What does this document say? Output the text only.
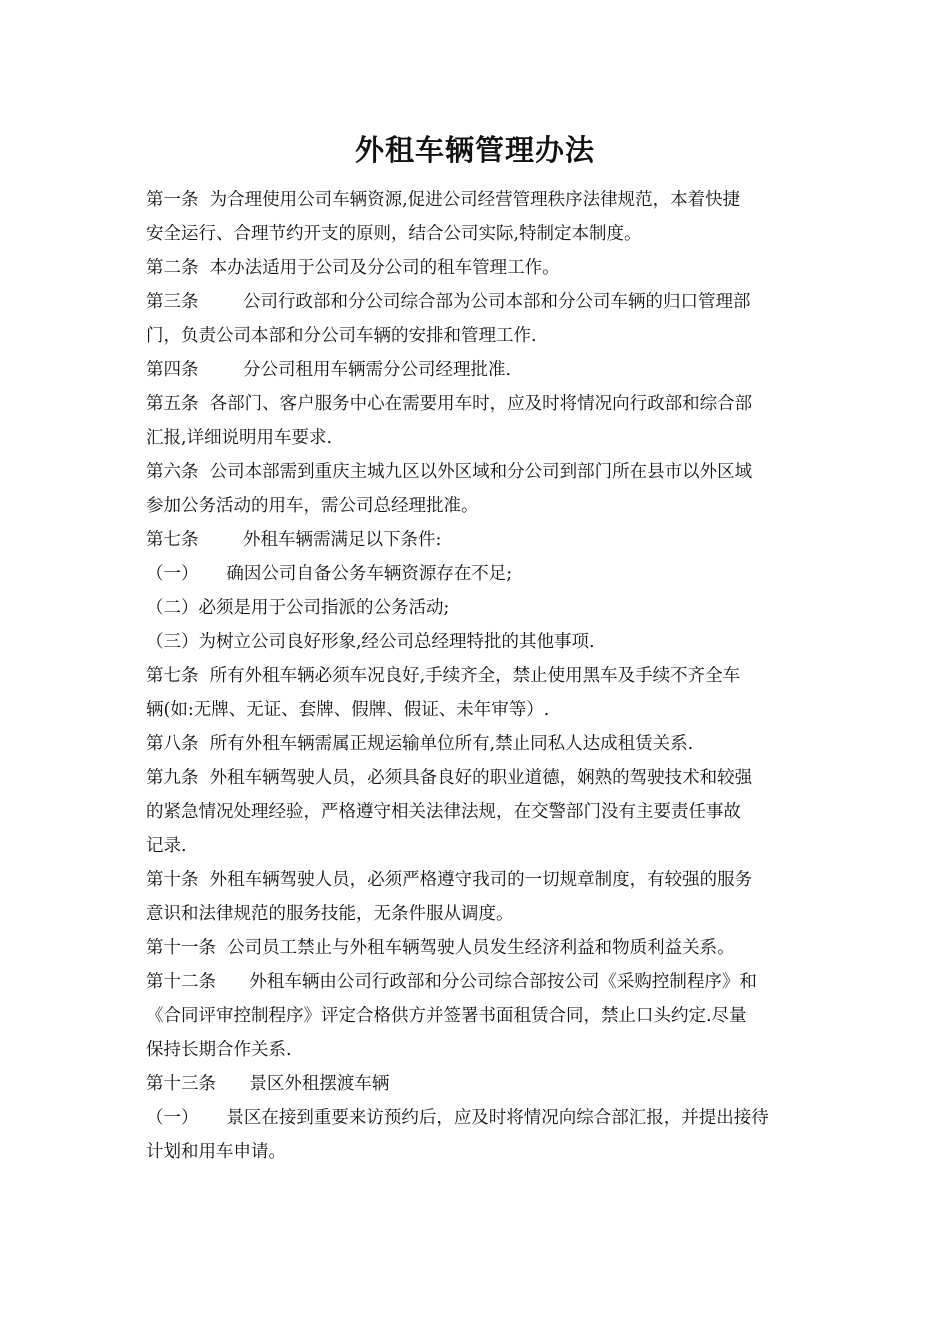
外租车辆管理办法

第一条  为合理使用公司车辆资源,促进公司经营管理秩序法律规范，本着快捷

安全运行、合理节约开支的原则，结合公司实际,特制定本制度。

第二条  本办法适用于公司及分公司的租车管理工作。

第三条        公司行政部和分公司综合部为公司本部和分公司车辆的归口管理部

门，负责公司本部和分公司车辆的安排和管理工作.

第四条        分公司租用车辆需分公司经理批准.

第五条  各部门、客户服务中心在需要用车时，应及时将情况向行政部和综合部

汇报,详细说明用车要求.

第六条  公司本部需到重庆主城九区以外区域和分公司到部门所在县市以外区域

参加公务活动的用车，需公司总经理批准。

第七条        外租车辆需满足以下条件:

（一）     确因公司自备公务车辆资源存在不足;

（二）必须是用于公司指派的公务活动;

（三）为树立公司良好形象,经公司总经理特批的其他事项.

第七条  所有外租车辆必须车况良好,手续齐全，禁止使用黑车及手续不齐全车

辆(如:无牌、无证、套牌、假牌、假证、未年审等）.

第八条  所有外租车辆需属正规运输单位所有,禁止同私人达成租赁关系.

第九条  外租车辆驾驶人员，必须具备良好的职业道德，娴熟的驾驶技术和较强

的紧急情况处理经验，严格遵守相关法律法规，在交警部门没有主要责任事故

记录.

第十条  外租车辆驾驶人员，必须严格遵守我司的一切规章制度，有较强的服务

意识和法律规范的服务技能，无条件服从调度。

第十一条  公司员工禁止与外租车辆驾驶人员发生经济利益和物质利益关系。

第十二条      外租车辆由公司行政部和分公司综合部按公司《采购控制程序》和

《合同评审控制程序》评定合格供方并签署书面租赁合同，禁止口头约定.尽量

保持长期合作关系.

第十三条      景区外租摆渡车辆

（一）     景区在接到重要来访预约后，应及时将情况向综合部汇报，并提出接待

计划和用车申请。
